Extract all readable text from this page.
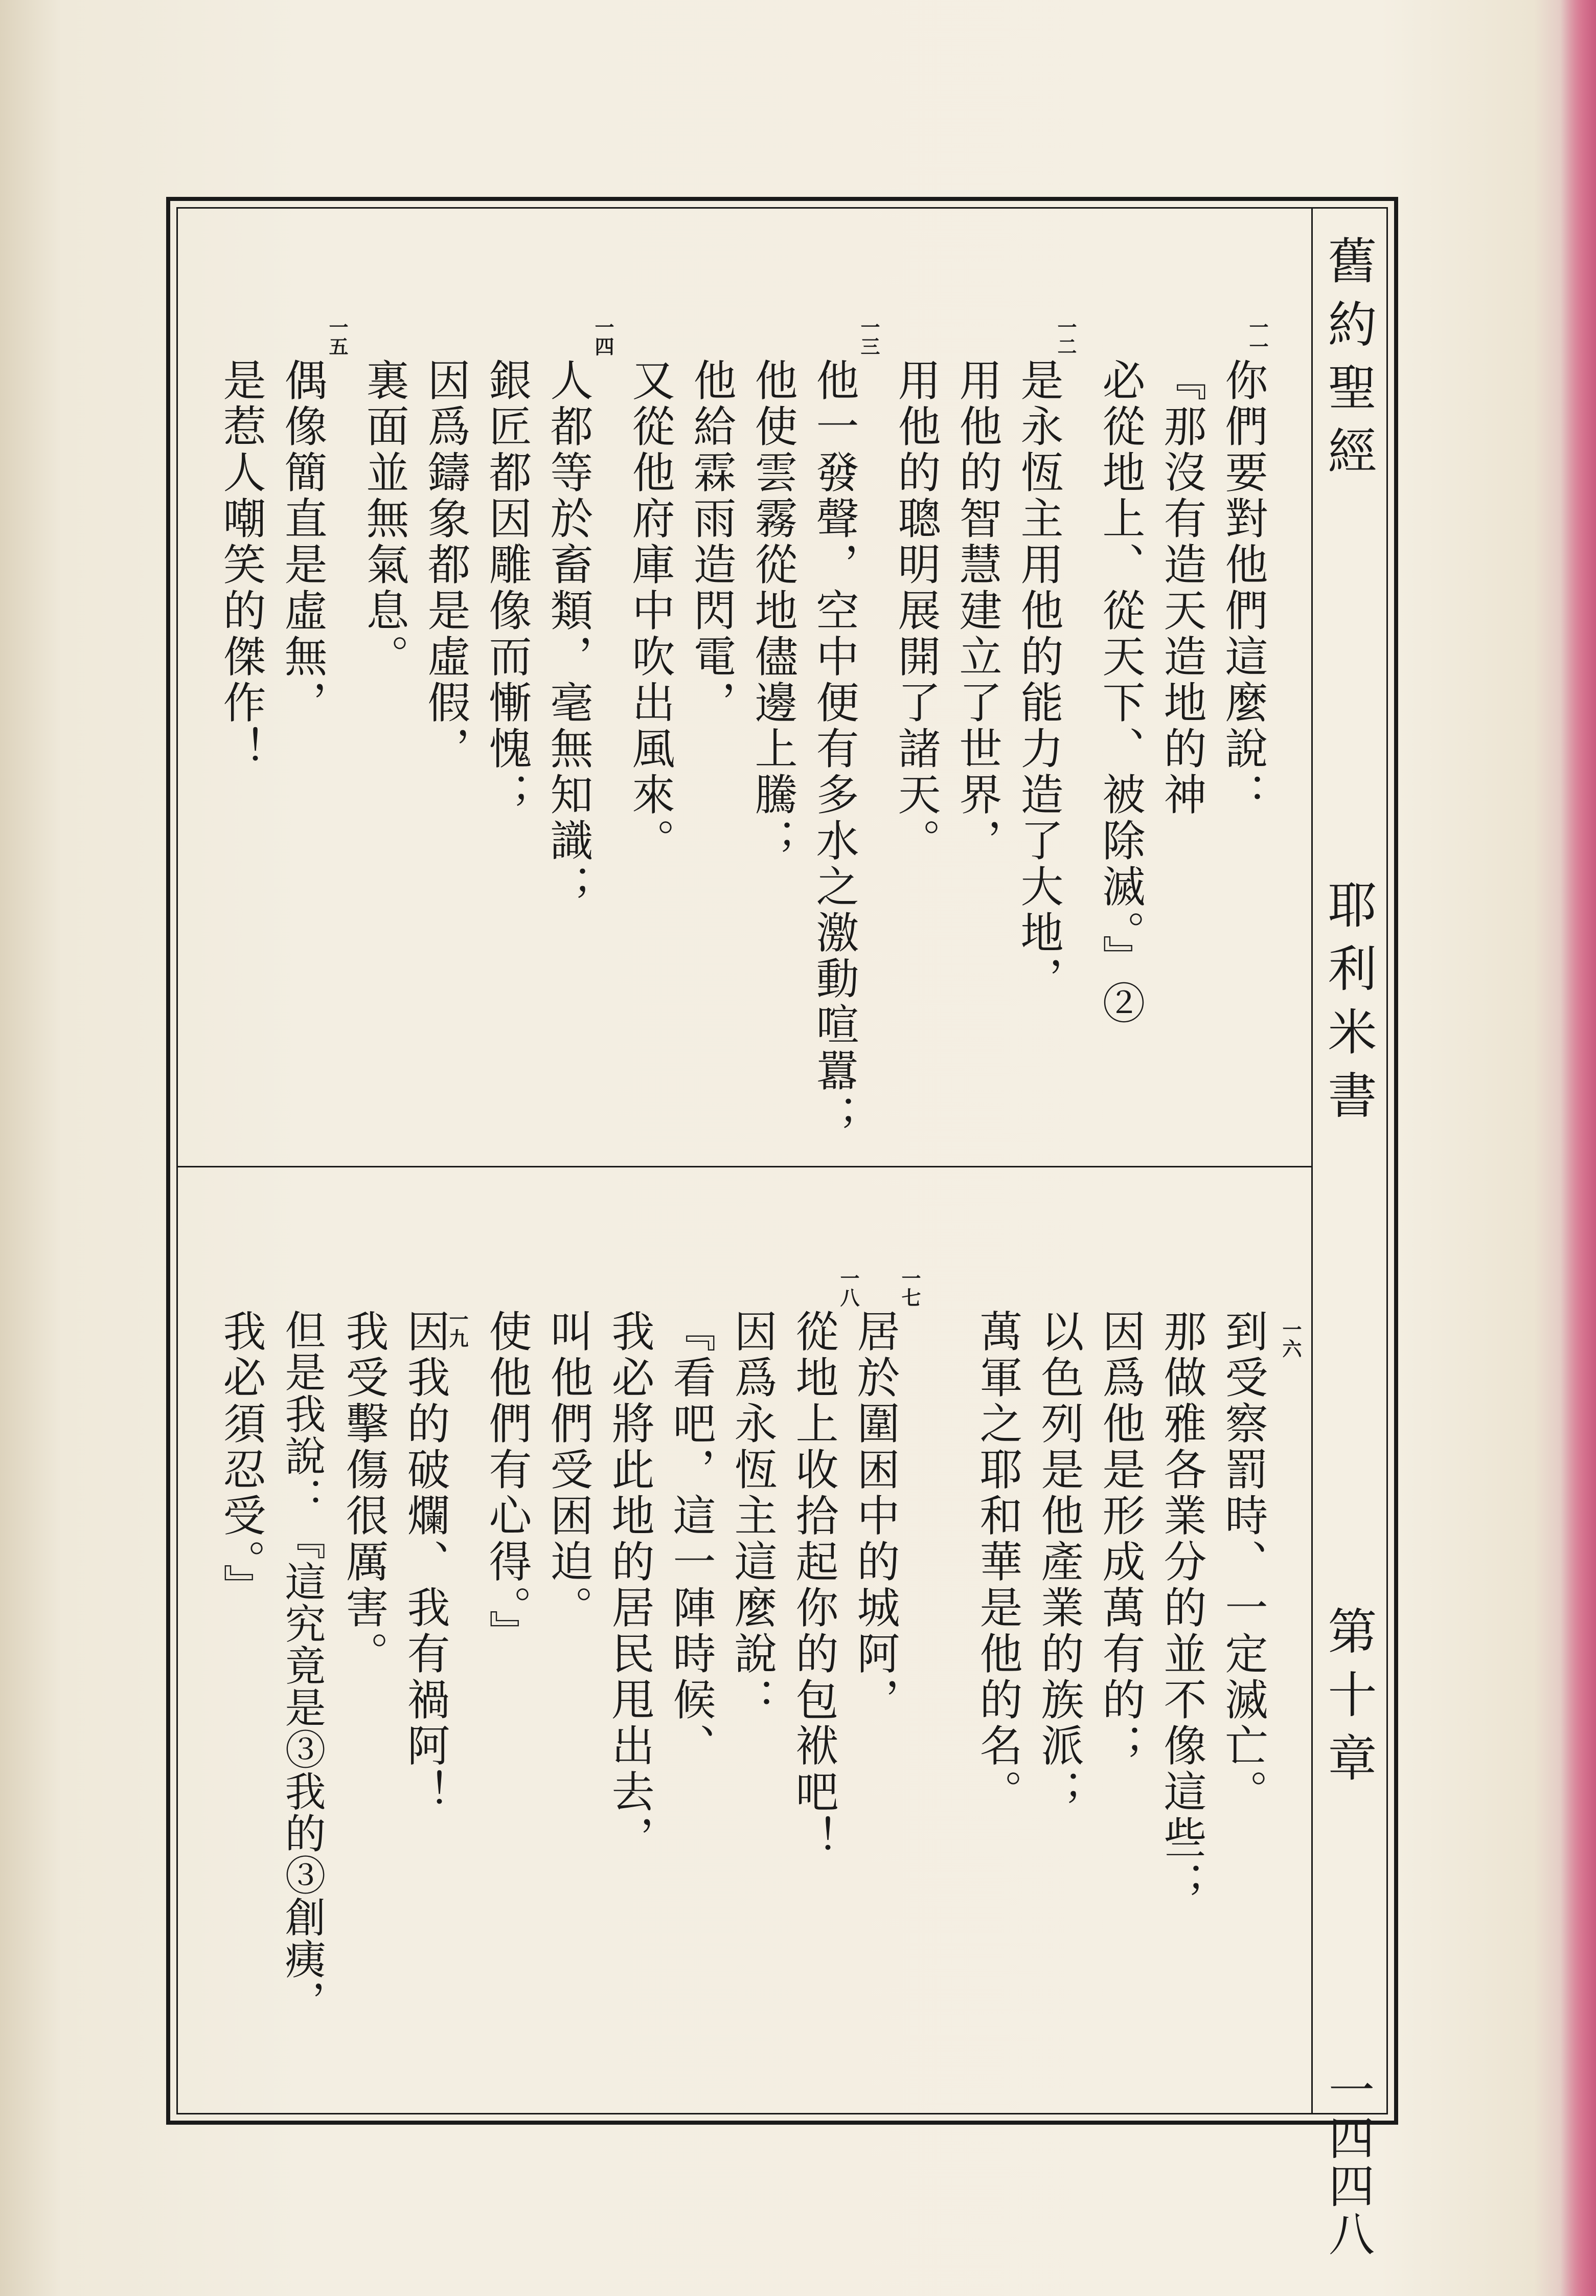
舊約聖經
耶利米書
第十章
一四四八
一一
你們要對他們這麼說：
『那沒有造天造地的神
必從地上、從天下、被除滅。』②
一二
是永恆主用他的能力造了大地，
用他的智慧建立了世界，
用他的聰明展開了諸天。
一三
他一發聲，空中便有多水之激動喧囂；
他使雲霧從地儘邊上騰；
他給霖雨造閃電，
又從他府庫中吹出風來。
一四
人都等於畜類，毫無知識；
銀匠都因雕像而慚愧；
因爲鑄象都是虛假，
裏面並無氣息。
一五
偶像簡直是虛無，
是惹人嘲笑的傑作！
到受察罰時、一定滅亡。 一六
那做雅各業分的並不像這些；
因爲他是形成萬有的；
以色列是他產業的族派；
萬軍之耶和華是他的名。
一七
居於圍困中的城阿，
一八
從地上收拾起你的包袱吧！
因爲永恆主這麼說：
『看吧，這一陣時候、
我必將此地的居民甩出去，
叫他們受困迫。
使他們有心得。』
一九
因我的破爛、我有禍阿！
我受擊傷很厲害。
但是我說：『這究竟是③我的③創痍，
我必須忍受。』
